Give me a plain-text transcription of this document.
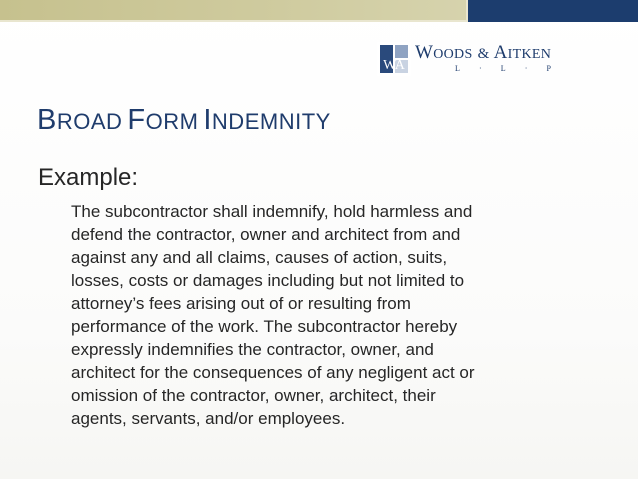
WA
WOODS & AITKEN
L · L · P
BROAD FORM INDEMNITY
Example:
The subcontractor shall indemnify, hold harmless and
defend the contractor, owner and architect from and
against any and all claims, causes of action, suits,
losses, costs or damages including but not limited to
attorney’s fees arising out of or resulting from
performance of the work. The subcontractor hereby
expressly indemnifies the contractor, owner, and
architect for the consequences of any negligent act or
omission of the contractor, owner, architect, their
agents, servants, and/or employees.
